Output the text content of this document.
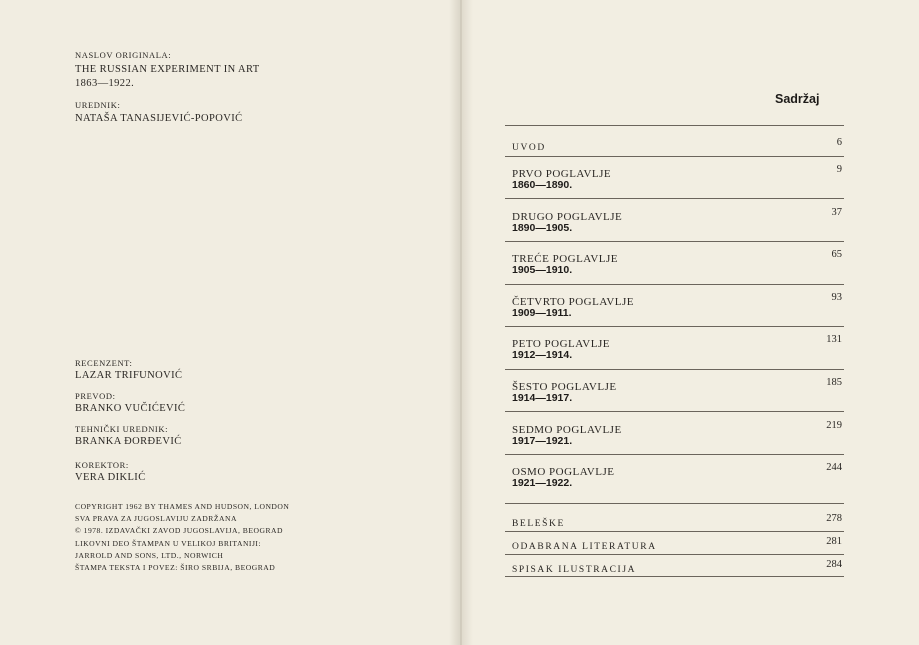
NASLOV ORIGINALA:
THE RUSSIAN EXPERIMENT IN ART
1863—1922.
UREDNIK:
NATAŠA TANASIJEVIĆ-POPOVIĆ
RECENZENT:
LAZAR TRIFUNOVIĆ
PREVOD:
BRANKO VUČIĆEVIĆ
TEHNIČKI UREDNIK:
BRANKA ĐORĐEVIĆ
KOREKTOR:
VERA DIKLIĆ
COPYRIGHT 1962 BY THAMES AND HUDSON, LONDON
SVA PRAVA ZA JUGOSLAVIJU ZADRŽANA
© 1978. IZDAVAČKI ZAVOD JUGOSLAVIJA, BEOGRAD
LIKOVNI DEO ŠTAMPAN U VELIKOJ BRITANIJI:
JARROLD AND SONS, LTD., NORWICH
ŠTAMPA TEKSTA I POVEZ: ŠIRO SRBIJA, BEOGRAD
Sadržaj
UVOD	6
PRVO POGLAVLJE	9
1860—1890.
DRUGO POGLAVLJE	37
1890—1905.
TREĆE POGLAVLJE	65
1905—1910.
ČETVRTO POGLAVLJE	93
1909—1911.
PETO POGLAVLJE	131
1912—1914.
ŠESTO POGLAVLJE	185
1914—1917.
SEDMO POGLAVLJE	219
1917—1921.
OSMO POGLAVLJE	244
1921—1922.
BELEŠKE	278
ODABRANA LITERATURA	281
SPISAK ILUSTRACIJA	284
